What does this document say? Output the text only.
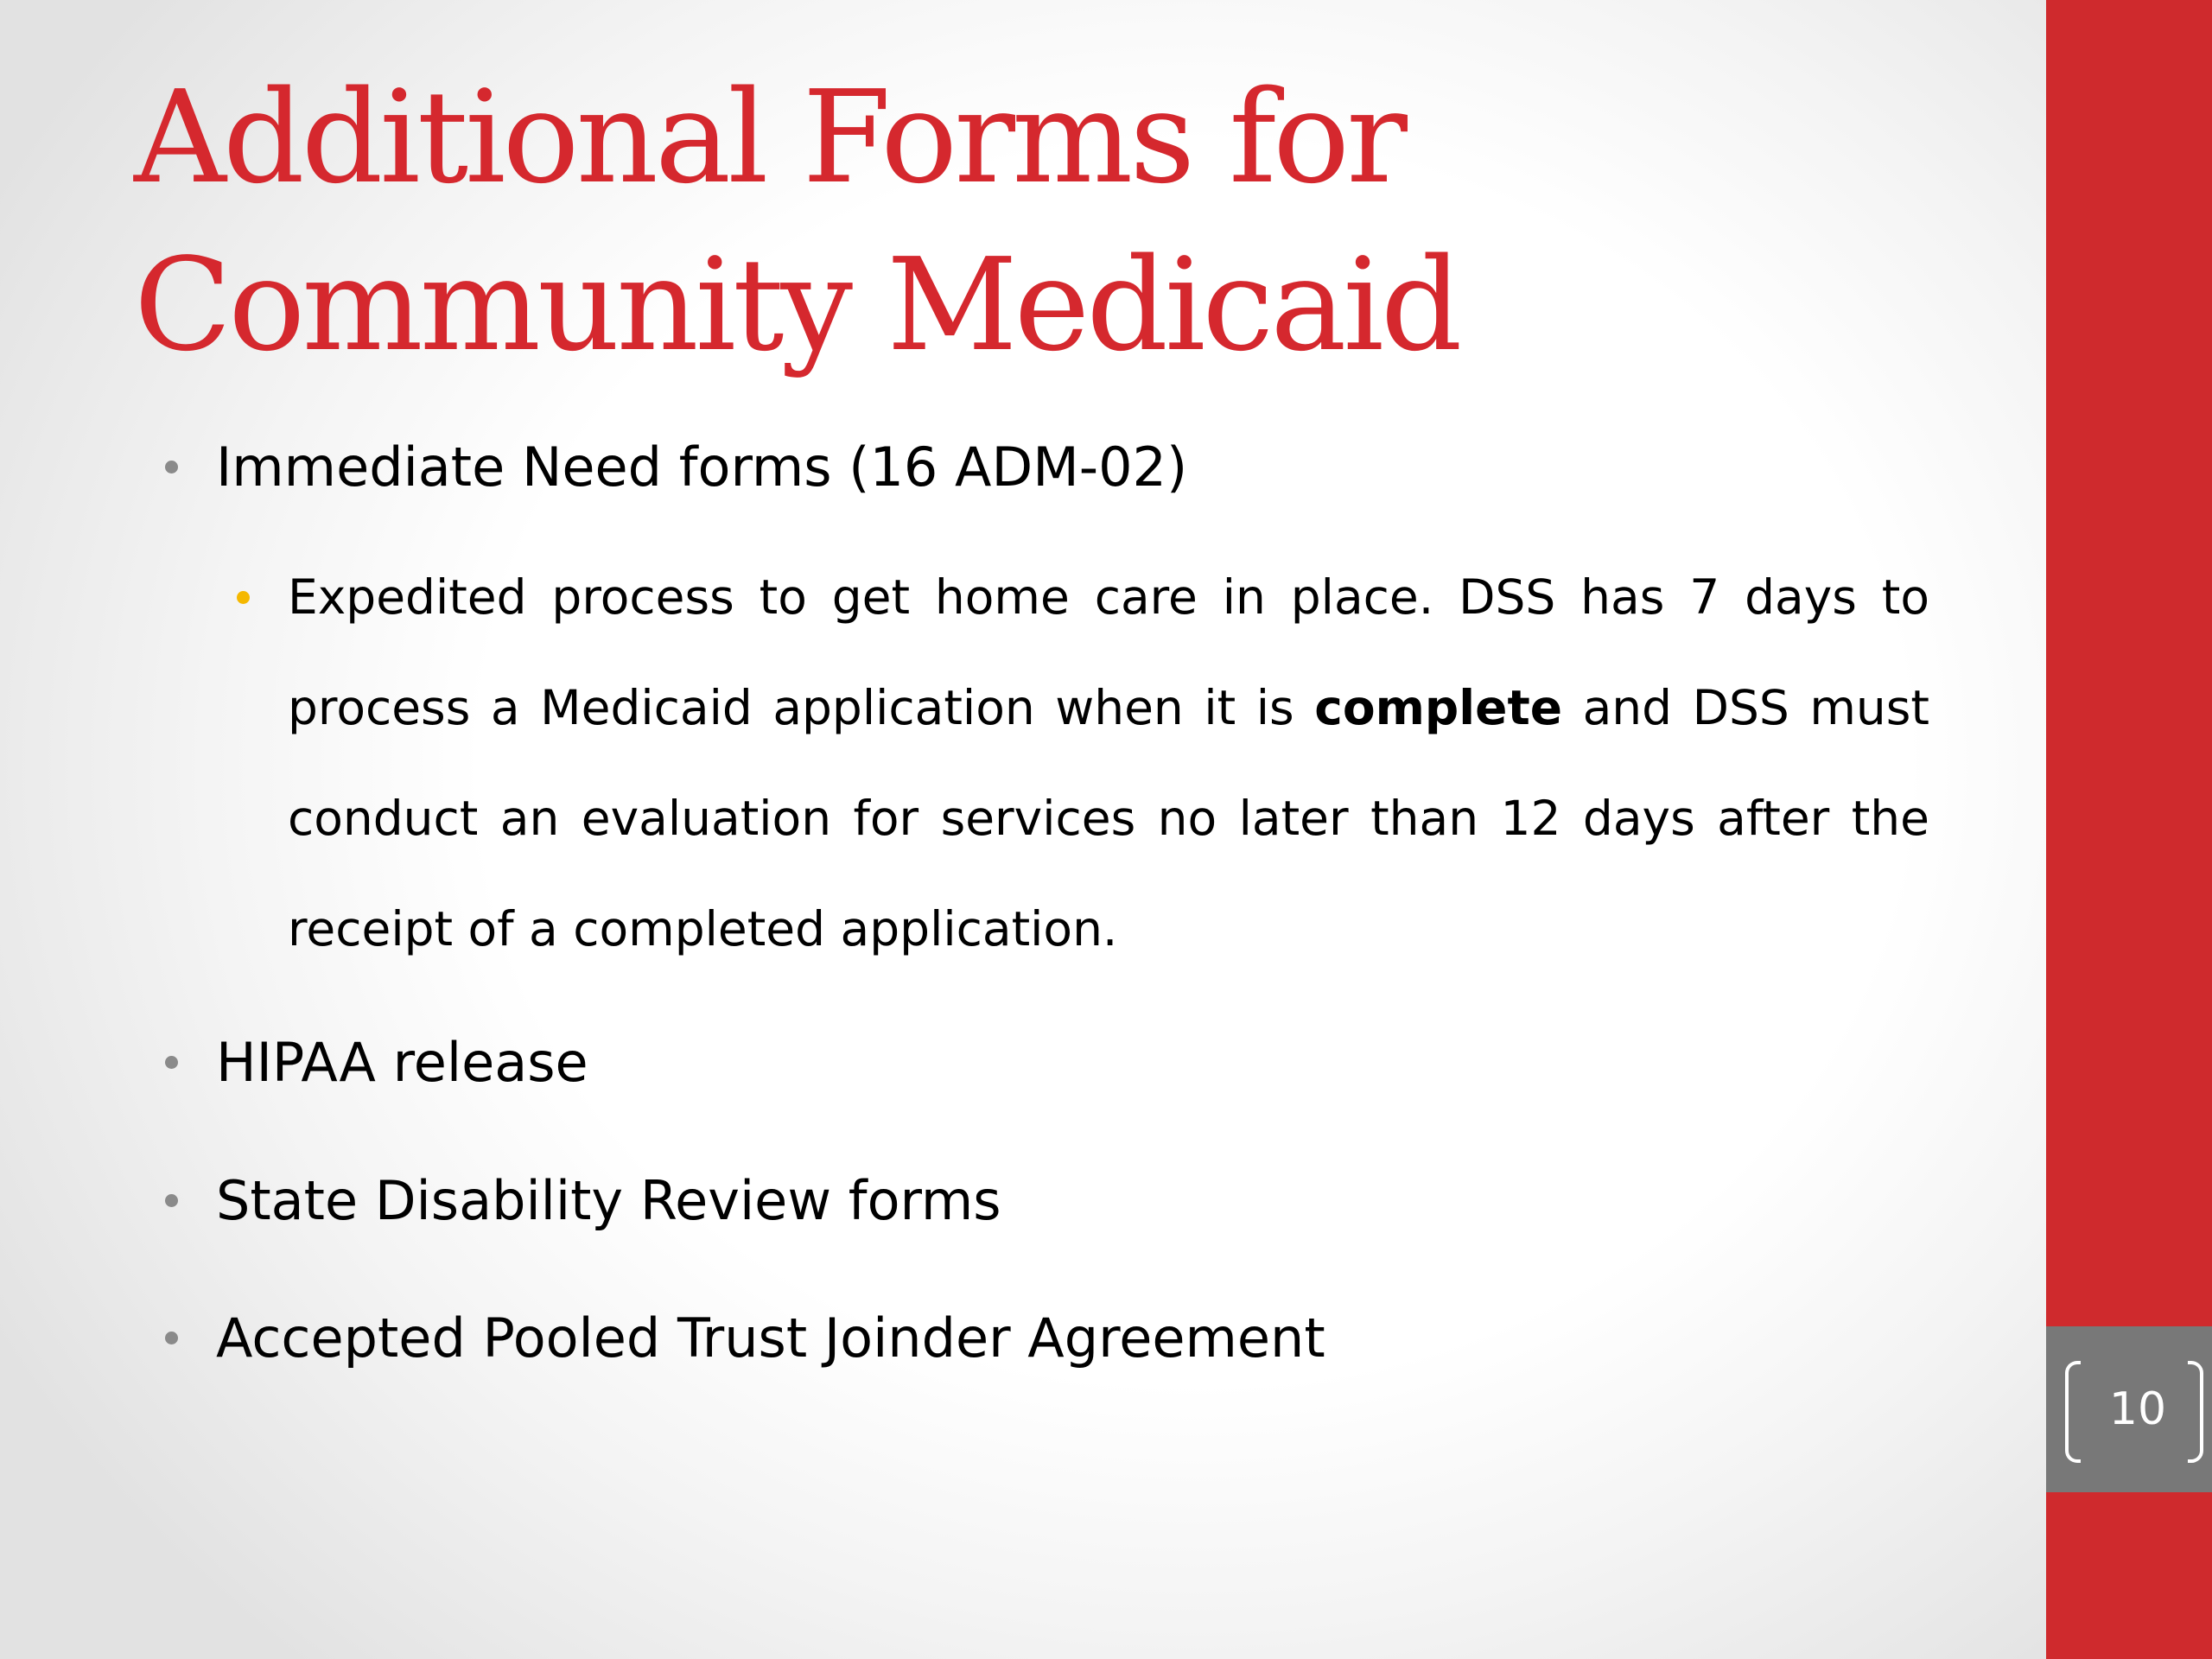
10
Additional Forms for
Community Medicaid
Immediate Need forms (16 ADM-02)
Expedited process to get home care in place. DSS has 7 days to process a Medicaid application when it is complete and DSS must conduct an evaluation for services no later than 12 days after the receipt of a completed application.
HIPAA release
State Disability Review forms
Accepted Pooled Trust Joinder Agreement
